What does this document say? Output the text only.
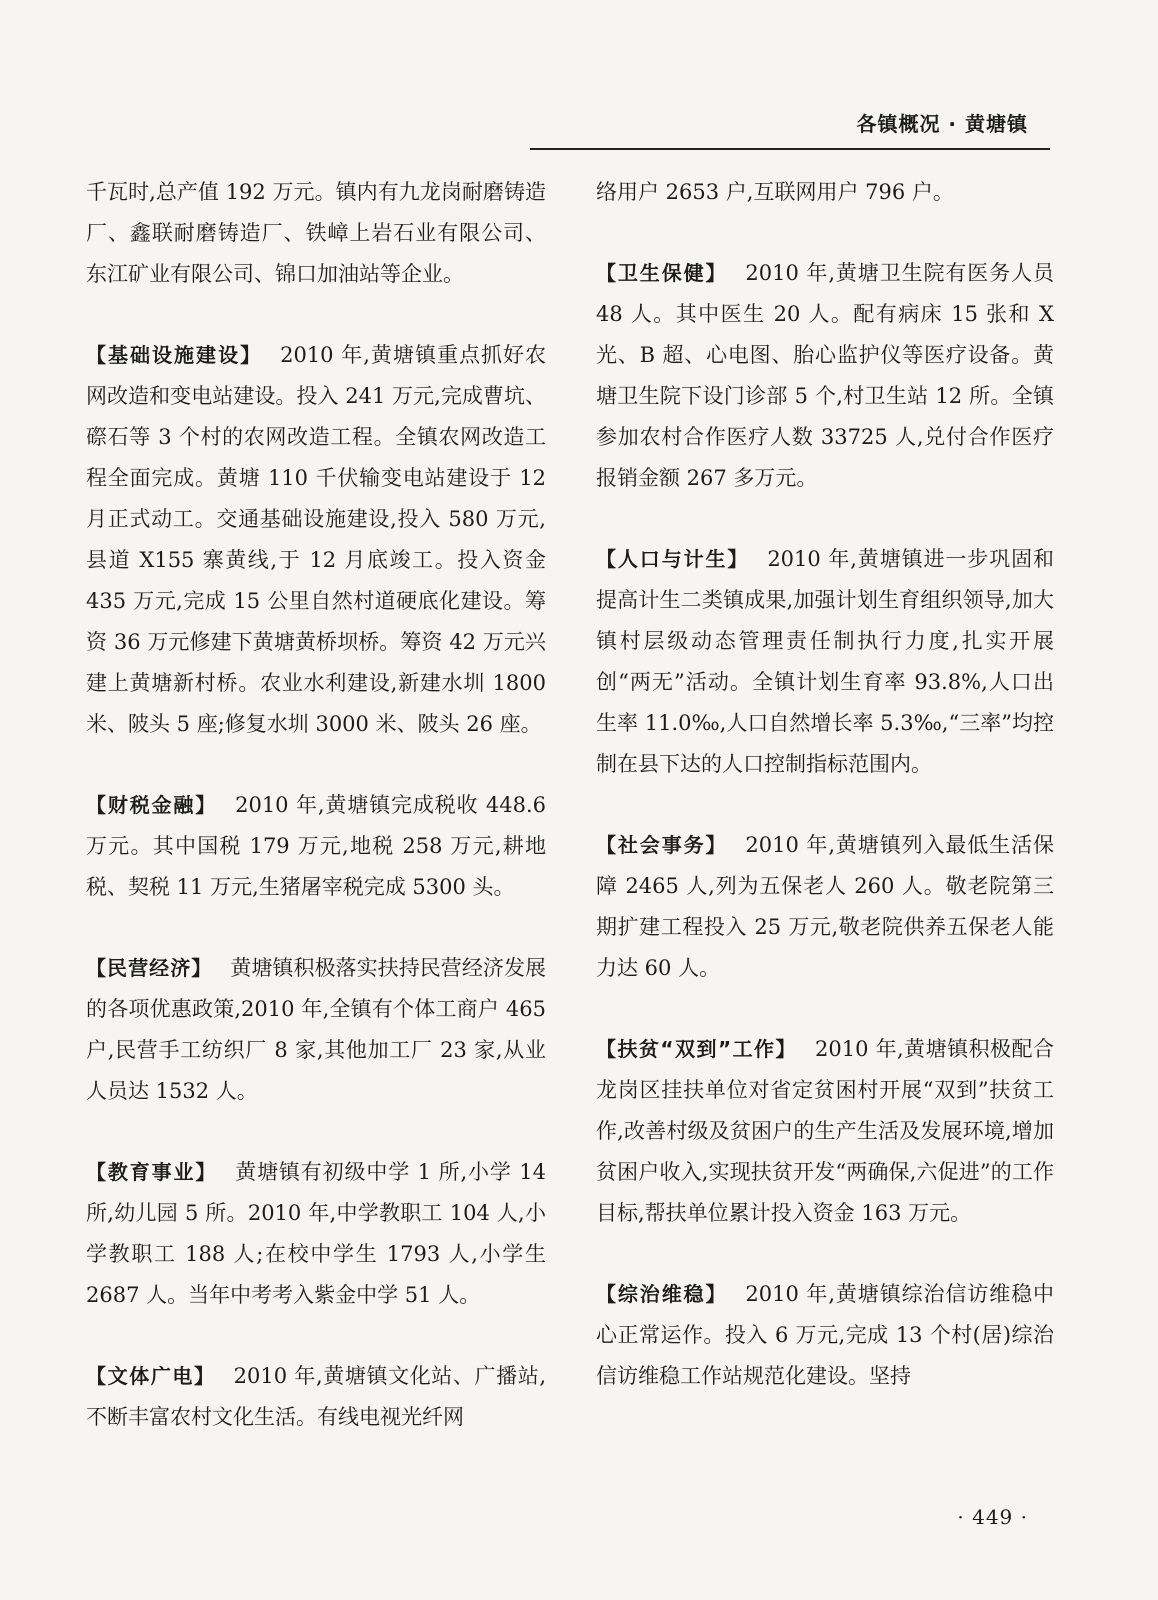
各镇概况 · 黄塘镇

千瓦时,总产值 192 万元。镇内有九龙岗耐磨铸造厂、鑫联耐磨铸造厂、铁嶂上岩石业有限公司、东江矿业有限公司、锦口加油站等企业。

【基础设施建设】 2010 年,黄塘镇重点抓好农网改造和变电站建设。投入 241 万元,完成曹坑、磜石等 3 个村的农网改造工程。全镇农网改造工程全面完成。黄塘 110 千伏输变电站建设于 12 月正式动工。交通基础设施建设,投入 580 万元,县道 X155 寨黄线,于 12 月底竣工。投入资金 435 万元,完成 15 公里自然村道硬底化建设。筹资 36 万元修建下黄塘黄桥坝桥。筹资 42 万元兴建上黄塘新村桥。农业水利建设,新建水圳 1800 米、陂头 5 座;修复水圳 3000 米、陂头 26 座。

【财税金融】 2010 年,黄塘镇完成税收 448.6 万元。其中国税 179 万元,地税 258 万元,耕地税、契税 11 万元,生猪屠宰税完成 5300 头。

【民营经济】 黄塘镇积极落实扶持民营经济发展的各项优惠政策,2010 年,全镇有个体工商户 465 户,民营手工纺织厂 8 家,其他加工厂 23 家,从业人员达 1532 人。

【教育事业】 黄塘镇有初级中学 1 所,小学 14 所,幼儿园 5 所。2010 年,中学教职工 104 人,小学教职工 188 人;在校中学生 1793 人,小学生 2687 人。当年中考考入紫金中学 51 人。

【文体广电】 2010 年,黄塘镇文化站、广播站,不断丰富农村文化生活。有线电视光纤网

络用户 2653 户,互联网用户 796 户。

【卫生保健】 2010 年,黄塘卫生院有医务人员 48 人。其中医生 20 人。配有病床 15 张和 X 光、B 超、心电图、胎心监护仪等医疗设备。黄塘卫生院下设门诊部 5 个,村卫生站 12 所。全镇参加农村合作医疗人数 33725 人,兑付合作医疗报销金额 267 多万元。

【人口与计生】 2010 年,黄塘镇进一步巩固和提高计生二类镇成果,加强计划生育组织领导,加大镇村层级动态管理责任制执行力度,扎实开展创“两无”活动。全镇计划生育率 93.8%,人口出生率 11.0‰,人口自然增长率 5.3‰,“三率”均控制在县下达的人口控制指标范围内。

【社会事务】 2010 年,黄塘镇列入最低生活保障 2465 人,列为五保老人 260 人。敬老院第三期扩建工程投入 25 万元,敬老院供养五保老人能力达 60 人。

【扶贫“双到”工作】 2010 年,黄塘镇积极配合龙岗区挂扶单位对省定贫困村开展“双到”扶贫工作,改善村级及贫困户的生产生活及发展环境,增加贫困户收入,实现扶贫开发“两确保,六促进”的工作目标,帮扶单位累计投入资金 163 万元。

【综治维稳】 2010 年,黄塘镇综治信访维稳中心正常运作。投入 6 万元,完成 13 个村(居)综治信访维稳工作站规范化建设。坚持

· 449 ·
